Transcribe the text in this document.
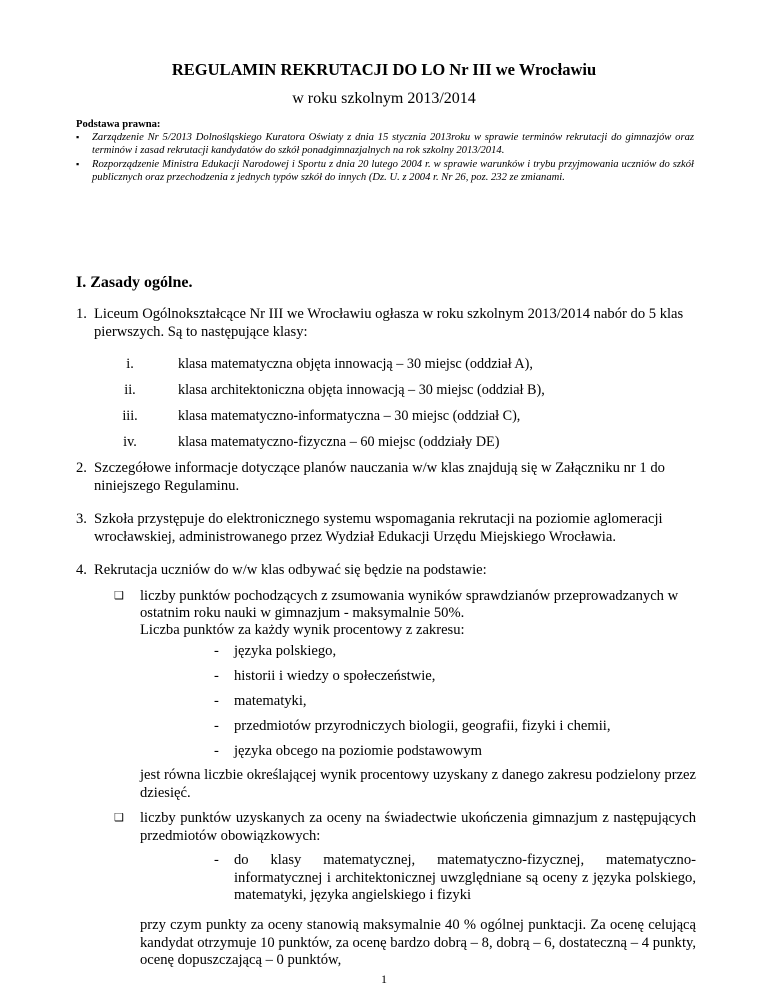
REGULAMIN REKRUTACJI DO LO Nr III we Wrocławiu
w roku szkolnym 2013/2014
Podstawa prawna:
▪ Zarządzenie Nr 5/2013 Dolnośląskiego Kuratora Oświaty z dnia 15 stycznia 2013roku w sprawie terminów rekrutacji do gimnazjów oraz terminów i zasad rekrutacji kandydatów do szkół ponadgimnazjalnych na rok szkolny 2013/2014.
▪ Rozporządzenie Ministra Edukacji Narodowej i Sportu z dnia 20 lutego 2004 r. w sprawie warunków i trybu przyjmowania uczniów do szkół publicznych oraz przechodzenia z jednych typów szkół do innych (Dz. U. z 2004 r. Nr 26, poz. 232 ze zmianami.
I. Zasady ogólne.
1. Liceum Ogólnokształcące Nr III we Wrocławiu ogłasza w roku szkolnym 2013/2014 nabór do 5 klas pierwszych. Są to następujące klasy:
i.	klasa matematyczna objęta innowacją – 30 miejsc (oddział A),
ii.	klasa architektoniczna objęta innowacją – 30 miejsc (oddział B),
iii.	klasa matematyczno-informatyczna – 30 miejsc (oddział C),
iv.	klasa matematyczno-fizyczna – 60 miejsc (oddziały DE)
2. Szczegółowe informacje dotyczące planów nauczania w/w klas znajdują się w Załączniku nr 1 do niniejszego Regulaminu.
3. Szkoła przystępuje do elektronicznego systemu wspomagania rekrutacji na poziomie aglomeracji wrocławskiej, administrowanego przez Wydział Edukacji Urzędu Miejskiego Wrocławia.
4. Rekrutacja uczniów do w/w klas odbywać się będzie na podstawie:
❑ liczby punktów pochodzących z zsumowania wyników sprawdzianów przeprowadzanych w
ostatnim roku nauki w gimnazjum - maksymalnie 50%.
Liczba punktów za każdy wynik procentowy z zakresu:
- języka polskiego,
- historii i wiedzy o społeczeństwie,
- matematyki,
- przedmiotów przyrodniczych biologii, geografii, fizyki i chemii,
- języka obcego na poziomie podstawowym
jest równa liczbie określającej wynik procentowy uzyskany z danego zakresu podzielony przez dziesięć.
❑ liczby punktów uzyskanych za oceny na świadectwie ukończenia gimnazjum z następujących przedmiotów obowiązkowych:
- do klasy matematycznej, matematyczno-fizycznej, matematyczno-informatycznej i architektonicznej uwzględniane są oceny z języka polskiego, matematyki, języka angielskiego i fizyki
przy czym punkty za oceny stanowią maksymalnie 40 % ogólnej punktacji. Za ocenę celującą kandydat otrzymuje 10 punktów, za ocenę bardzo dobrą – 8, dobrą – 6, dostateczną – 4 punkty, ocenę dopuszczającą – 0 punktów,
1
